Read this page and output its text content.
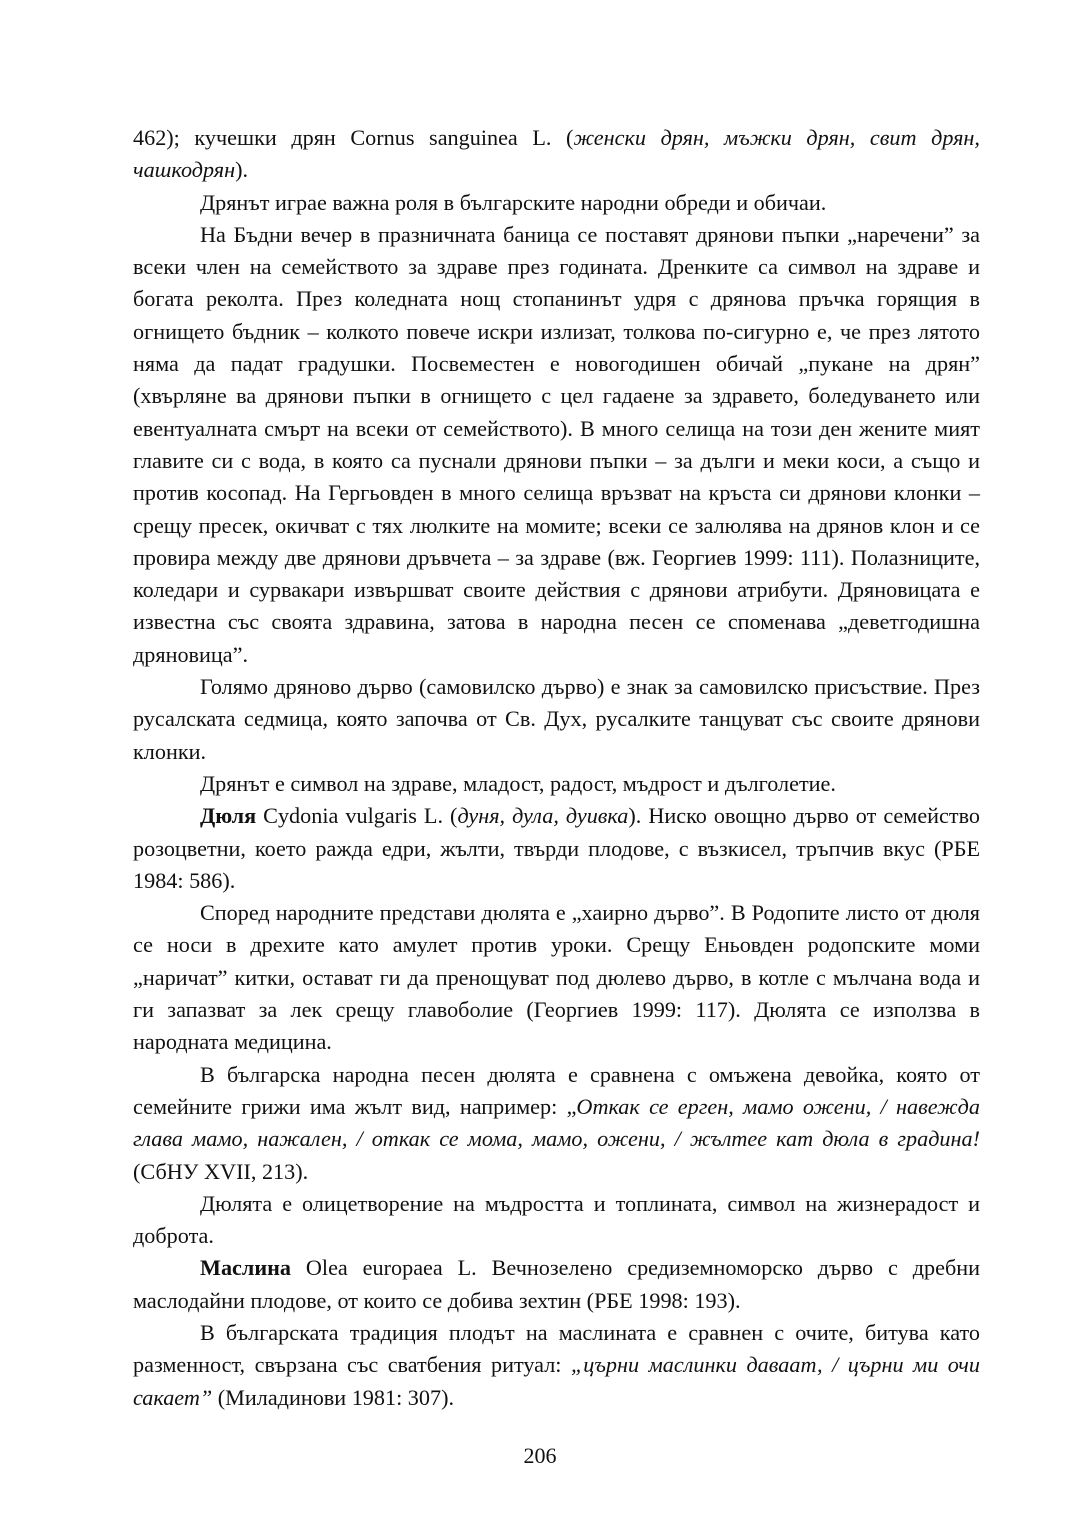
462); кучешки дрян Cornus sanguinea L. (женски дрян, мъжки дрян, свит дрян, чашкодрян).

Дрянът играе важна роля в българските народни обреди и обичаи.

На Бъдни вечер в празничната баница се поставят дрянови пъпки „наречени” за всеки член на семейството за здраве през годината. Дренките са символ на здраве и богата реколта. През коледната нощ стопанинът удря с дрянова пръчка горящия в огнището бъдник – колкото повече искри излизат, толкова по-сигурно е, че през лятото няма да падат градушки. Посвеместен е новогодишен обичай „пукане на дрян” (хвърляне ва дрянови пъпки в огнището с цел гадаене за здравето, боледуването или евентуалната смърт на всеки от семейството). В много селища на този ден жените мият главите си с вода, в която са пуснали дрянови пъпки – за дълги и меки коси, а също и против косопад. На Гергьовден в много селища връзват на кръста си дрянови клонки – срещу пресек, окичват с тях люлките на момите; всеки се залюлява на дрянов клон и се провира между две дрянови дръвчета – за здраве (вж. Георгиев 1999: 111). Полазниците, коледари и сурвакари извършват своите действия с дрянови атрибути. Дряновицата е известна със своята здравина, затова в народна песен се споменава „деветгодишна дряновица”.

Голямо дряново дърво (самовилско дърво) е знак за самовилско присъствие. През русалската седмица, която започва от Св. Дух, русалките танцуват със своите дрянови клонки.

Дрянът е символ на здраве, младост, радост, мъдрост и дълголетие.

Дюля Cydonia vulgaris L. (дуня, дула, дуивка). Ниско овощно дърво от семейство розоцветни, което ражда едри, жълти, твърди плодове, с възкисел, тръпчив вкус (РБЕ 1984: 586).

Според народните представи дюлята е „хаирно дърво”. В Родопите листо от дюля се носи в дрехите като амулет против уроки. Срещу Еньовден родопските моми „наричат” китки, остават ги да пренощуват под дюлево дърво, в котле с мълчана вода и ги запазват за лек срещу главоболие (Георгиев 1999: 117). Дюлята се използва в народната медицина.

В българска народна песен дюлята е сравнена с омъжена девойка, която от семейните грижи има жълт вид, например: „Откак се ерген, мамо ожени, / навежда глава мамо, нажален, / откак се мома, мамо, ожени, / жълтее кат дюла в градина! (СбНУ XVII, 213).

Дюлята е олицетворение на мъдростта и топлината, символ на жизнерадост и доброта.

Маслина Olea europaea L. Вечнозелено средиземноморско дърво с дребни маслодайни плодове, от които се добива зехтин (РБЕ 1998: 193).

В българската традиция плодът на маслината е сравнен с очите, битува като разменност, свързана със сватбения ритуал: „църни маслинки даваат, / църни ми очи сакает” (Миладинови 1981: 307).

206
